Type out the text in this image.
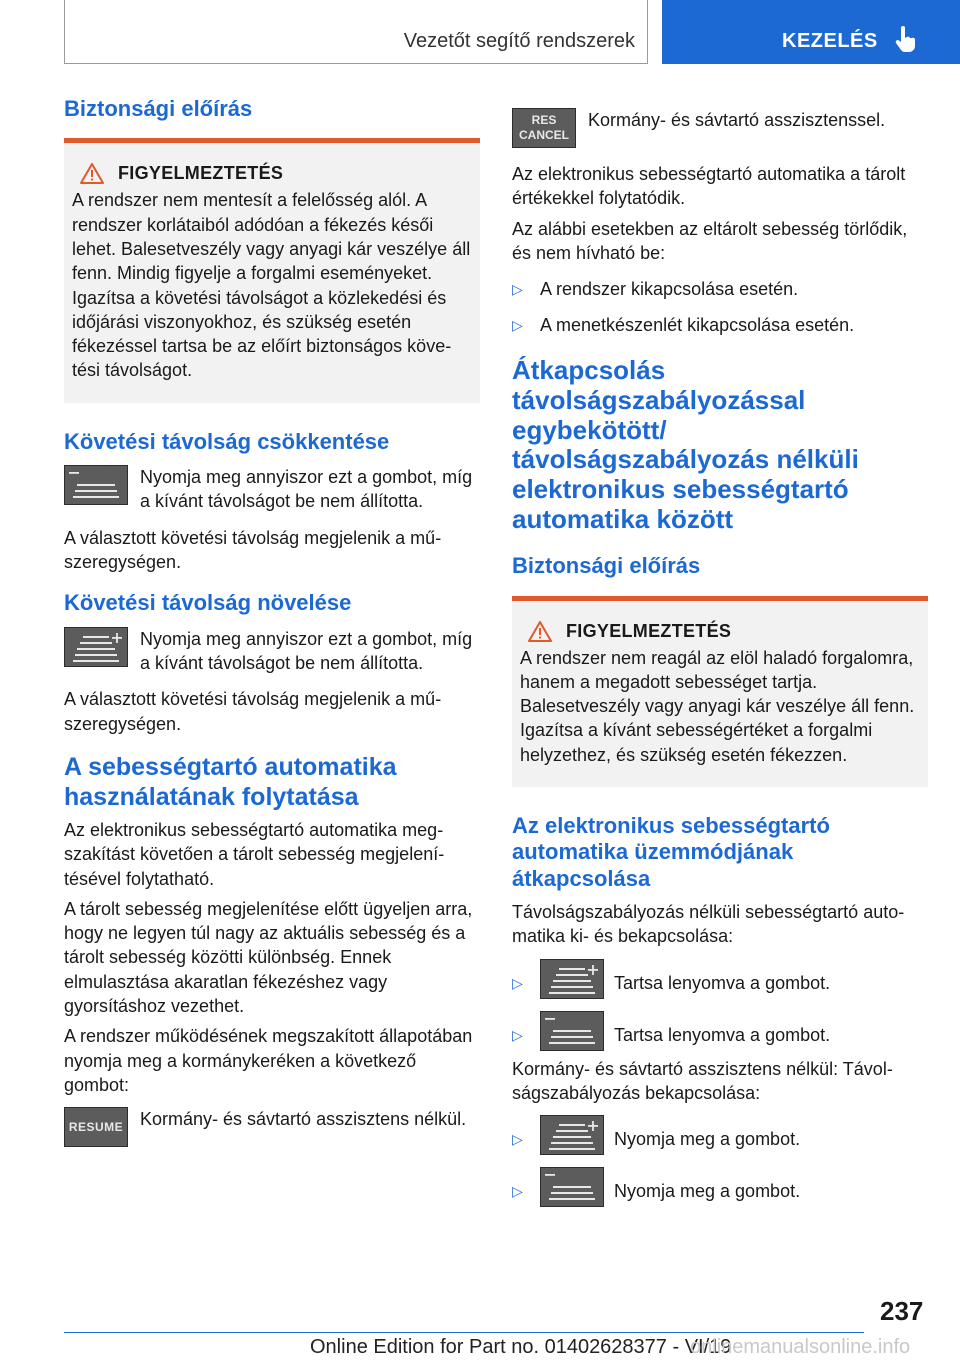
Vezetőt segítő rendszerek	KEZELÉS
Biztonsági előírás
FIGYELMEZTETÉS
A rendszer nem mentesít a felelősség alól. A rendszer korlátaiból adódóan a fékezés késői lehet. Balesetveszély vagy anyagi kár veszélye áll fenn. Mindig figyelje a forgalmi eseményeket. Igazítsa a követési távolságot a közlekedési és időjárási viszonyokhoz, és szükség esetén fékezéssel tartsa be az előírt biztonságos követési távolságot.
Követési távolság csökkentése
Nyomja meg annyiszor ezt a gombot, míg a kívánt távolságot be nem állította.
A választott követési távolság megjelenik a műszeregységen.
Követési távolság növelése
Nyomja meg annyiszor ezt a gombot, míg a kívánt távolságot be nem állította.
A választott követési távolság megjelenik a műszeregységen.
A sebességtartó automatika használatának folytatása
Az elektronikus sebességtartó automatika megszakítást követően a tárolt sebesség megjelenítésével folytatható.
A tárolt sebesség megjelenítése előtt ügyeljen arra, hogy ne legyen túl nagy az aktuális sebesség és a tárolt sebesség közötti különbség. Ennek elmulasztása akaratlan fékezéshez vagy gyorsításhoz vezethet.
A rendszer működésének megszakított állapotában nyomja meg a kormánykeréken a következő gombot:
RESUME Kormány- és sávtartó asszisztens nélkül.
RES
CANCEL
Kormány- és sávtartó asszisztenssel.
Az elektronikus sebességtartó automatika a tárolt értékekkel folytatódik.
Az alábbi esetekben az eltárolt sebesség törlődik, és nem hívható be:
▷ A rendszer kikapcsolása esetén.
▷ A menetkészenlét kikapcsolása esetén.
Átkapcsolás távolságszabályozással egybekötött/ távolságszabályozás nélküli elektronikus sebességtartó automatika között
Biztonsági előírás
FIGYELMEZTETÉS
A rendszer nem reagál az elöl haladó forgalomra, hanem a megadott sebességet tartja. Balesetveszély vagy anyagi kár veszélye áll fenn. Igazítsa a kívánt sebességértéket a forgalmi helyzethez, és szükség esetén fékezzen.
Az elektronikus sebességtartó automatika üzemmódjának átkapcsolása
Távolságszabályozás nélküli sebességtartó automatika ki- és bekapcsolása:
▷	Tartsa lenyomva a gombot.
▷	Tartsa lenyomva a gombot.
Kormány- és sávtartó asszisztens nélkül: Távolságszabályozás bekapcsolása:
▷	Nyomja meg a gombot.
▷	Nyomja meg a gombot.
237
Online Edition for Part no. 01402628377 - VI/19
onlinemanualsonline.info
